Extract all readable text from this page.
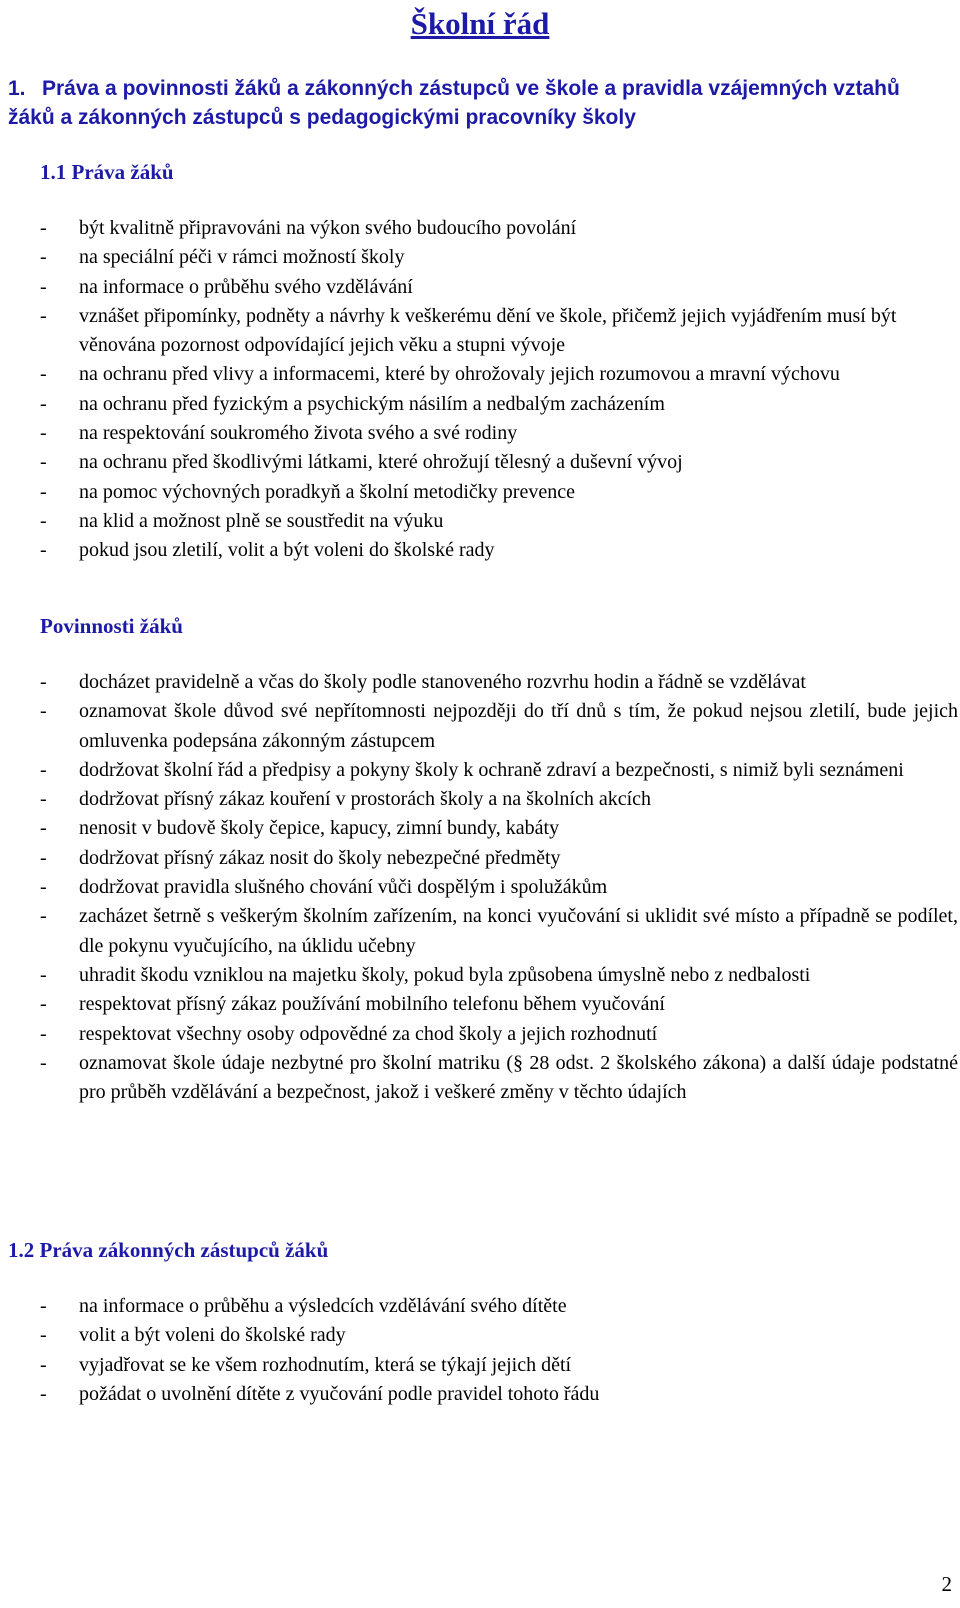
Školní řád
1. Práva a povinnosti žáků a zákonných zástupců ve škole a pravidla vzájemných vztahů žáků a zákonných zástupců s pedagogickými pracovníky školy
1.1 Práva žáků
-	být kvalitně připravováni na výkon svého budoucího povolání
-	na speciální péči v rámci možností školy
-	na informace o průběhu svého vzdělávání
-	vznášet připomínky, podněty a návrhy k veškerému dění ve škole, přičemž jejich vyjádřením musí být věnována pozornost odpovídající jejich věku a stupni vývoje
-	na ochranu před vlivy a informacemi, které by ohrožovaly jejich rozumovou a mravní výchovu
-	na ochranu před fyzickým a psychickým násilím a nedbalým zacházením
-	na respektování soukromého života svého a své rodiny
-	na ochranu před škodlivými látkami, které ohrožují tělesný a duševní vývoj
-	na pomoc výchovných poradkyň a školní metodičky prevence
-	na klid a možnost plně se soustředit na výuku
-	pokud jsou zletilí, volit a být voleni do školské rady
Povinnosti žáků
-	docházet pravidelně a včas do školy podle stanoveného rozvrhu hodin a řádně se vzdělávat
-	oznamovat škole důvod své nepřítomnosti nejpozději do tří dnů s tím, že pokud nejsou zletilí, bude jejich omluvenka podepsána zákonným zástupcem
-	dodržovat školní řád a předpisy a pokyny školy k ochraně zdraví a bezpečnosti, s nimiž byli seznámeni
-	dodržovat přísný zákaz kouření v prostorách školy a na školních akcích
-	nenosit v budově školy čepice, kapucy, zimní bundy, kabáty
-	dodržovat přísný zákaz nosit do školy nebezpečné předměty
-	dodržovat pravidla slušného chování vůči dospělým i spolužákům
-	zacházet šetrně s veškerým školním zařízením, na konci vyučování si uklidit své místo a případně se podílet, dle pokynu vyučujícího, na úklidu učebny
-	uhradit škodu vzniklou na majetku školy, pokud byla způsobena úmyslně nebo z nedbalosti
-	respektovat přísný zákaz používání mobilního telefonu během vyučování
-	respektovat všechny osoby odpovědné za chod školy a jejich rozhodnutí
-	oznamovat škole údaje nezbytné pro školní matriku (§ 28 odst. 2 školského zákona) a další údaje podstatné pro průběh vzdělávání a bezpečnost, jakož i veškeré změny v těchto údajích
1.2 Práva zákonných zástupců žáků
-	na informace o průběhu a výsledcích vzdělávání svého dítěte
-	volit a být voleni do školské rady
-	vyjadřovat se ke všem rozhodnutím, která se týkají jejich dětí
-	požádat o uvolnění dítěte z vyučování podle pravidel tohoto řádu
2
